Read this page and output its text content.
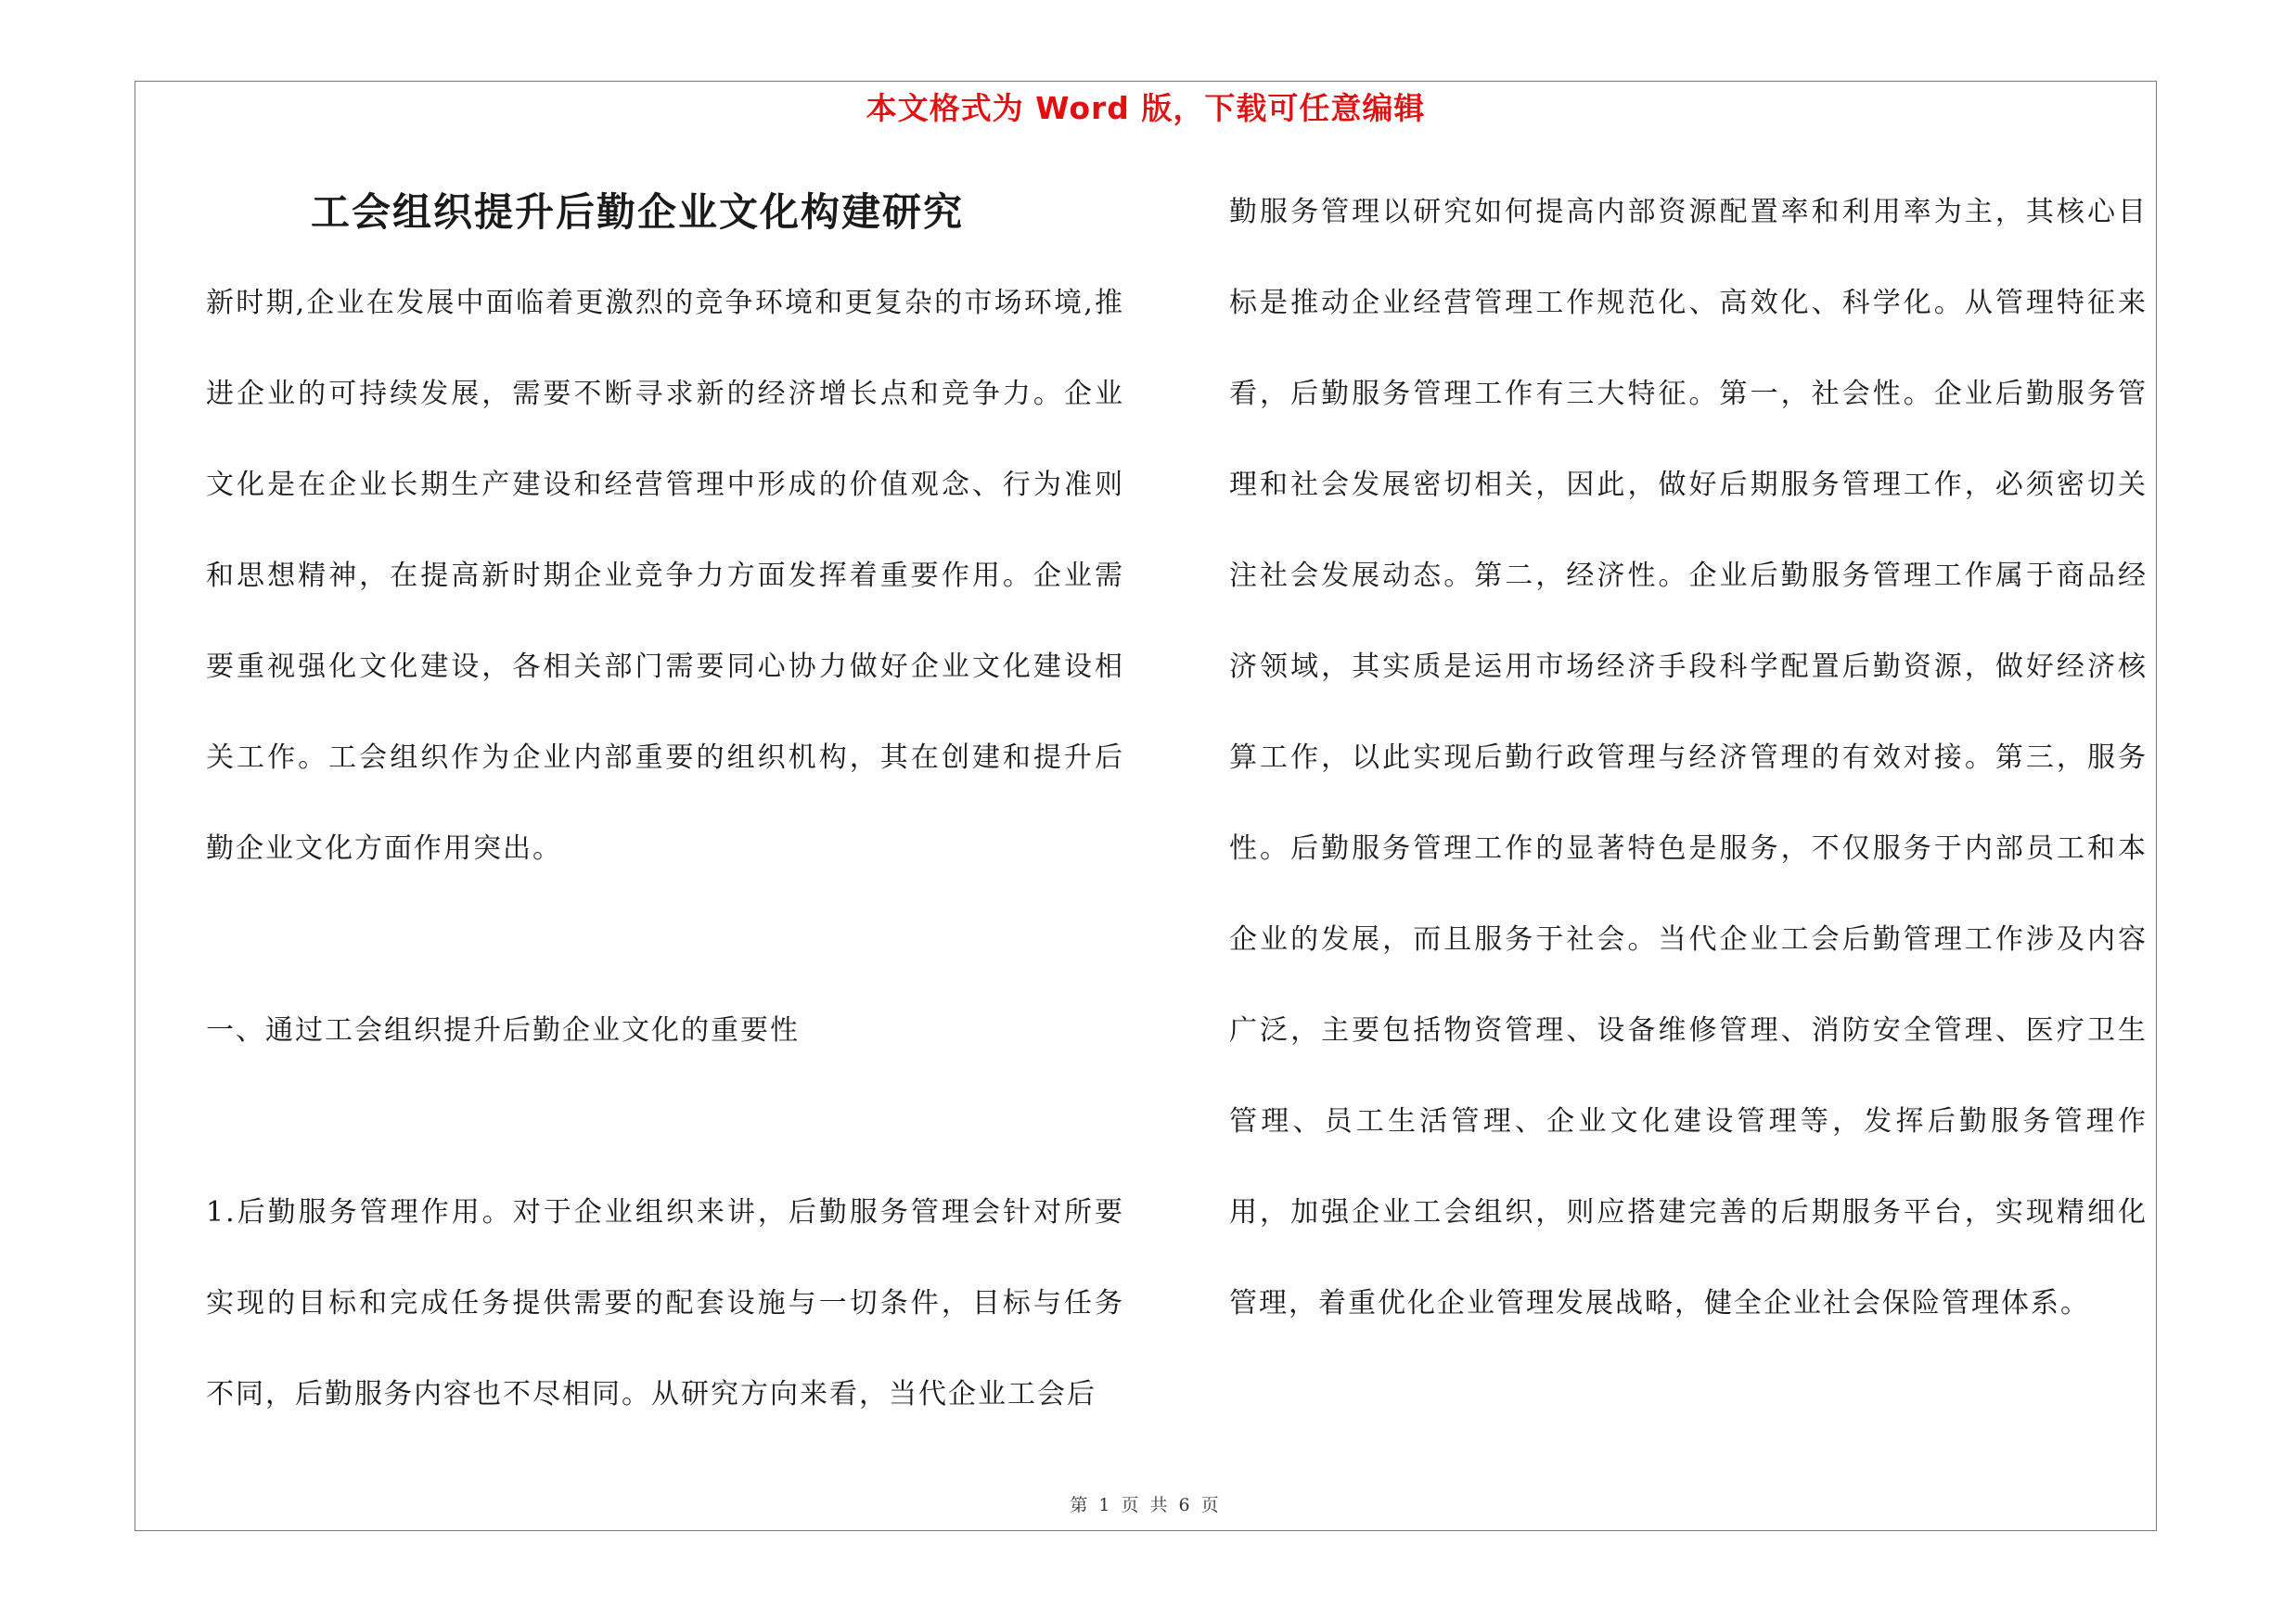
本文格式为 Word 版，下载可任意编辑
工会组织提升后勤企业文化构建研究

新时期,企业在发展中面临着更激烈的竞争环境和更复杂的市场环境,推进企业的可持续发展，需要不断寻求新的经济增长点和竞争力。企业文化是在企业长期生产建设和经营管理中形成的价值观念、行为准则和思想精神，在提高新时期企业竞争力方面发挥着重要作用。企业需要重视强化文化建设，各相关部门需要同心协力做好企业文化建设相关工作。工会组织作为企业内部重要的组织机构，其在创建和提升后勤企业文化方面作用突出。

一、通过工会组织提升后勤企业文化的重要性

1.后勤服务管理作用。对于企业组织来讲，后勤服务管理会针对所要实现的目标和完成任务提供需要的配套设施与一切条件，目标与任务不同，后勤服务内容也不尽相同。从研究方向来看，当代企业工会后

勤服务管理以研究如何提高内部资源配置率和利用率为主，其核心目标是推动企业经营管理工作规范化、高效化、科学化。从管理特征来看，后勤服务管理工作有三大特征。第一，社会性。企业后勤服务管理和社会发展密切相关，因此，做好后期服务管理工作，必须密切关注社会发展动态。第二，经济性。企业后勤服务管理工作属于商品经济领域，其实质是运用市场经济手段科学配置后勤资源，做好经济核算工作，以此实现后勤行政管理与经济管理的有效对接。第三，服务性。后勤服务管理工作的显著特色是服务，不仅服务于内部员工和本企业的发展，而且服务于社会。当代企业工会后勤管理工作涉及内容广泛，主要包括物资管理、设备维修管理、消防安全管理、医疗卫生管理、员工生活管理、企业文化建设管理等，发挥后勤服务管理作用，加强企业工会组织，则应搭建完善的后期服务平台，实现精细化管理，着重优化企业管理发展战略，健全企业社会保险管理体系。

第 1 页 共 6 页
